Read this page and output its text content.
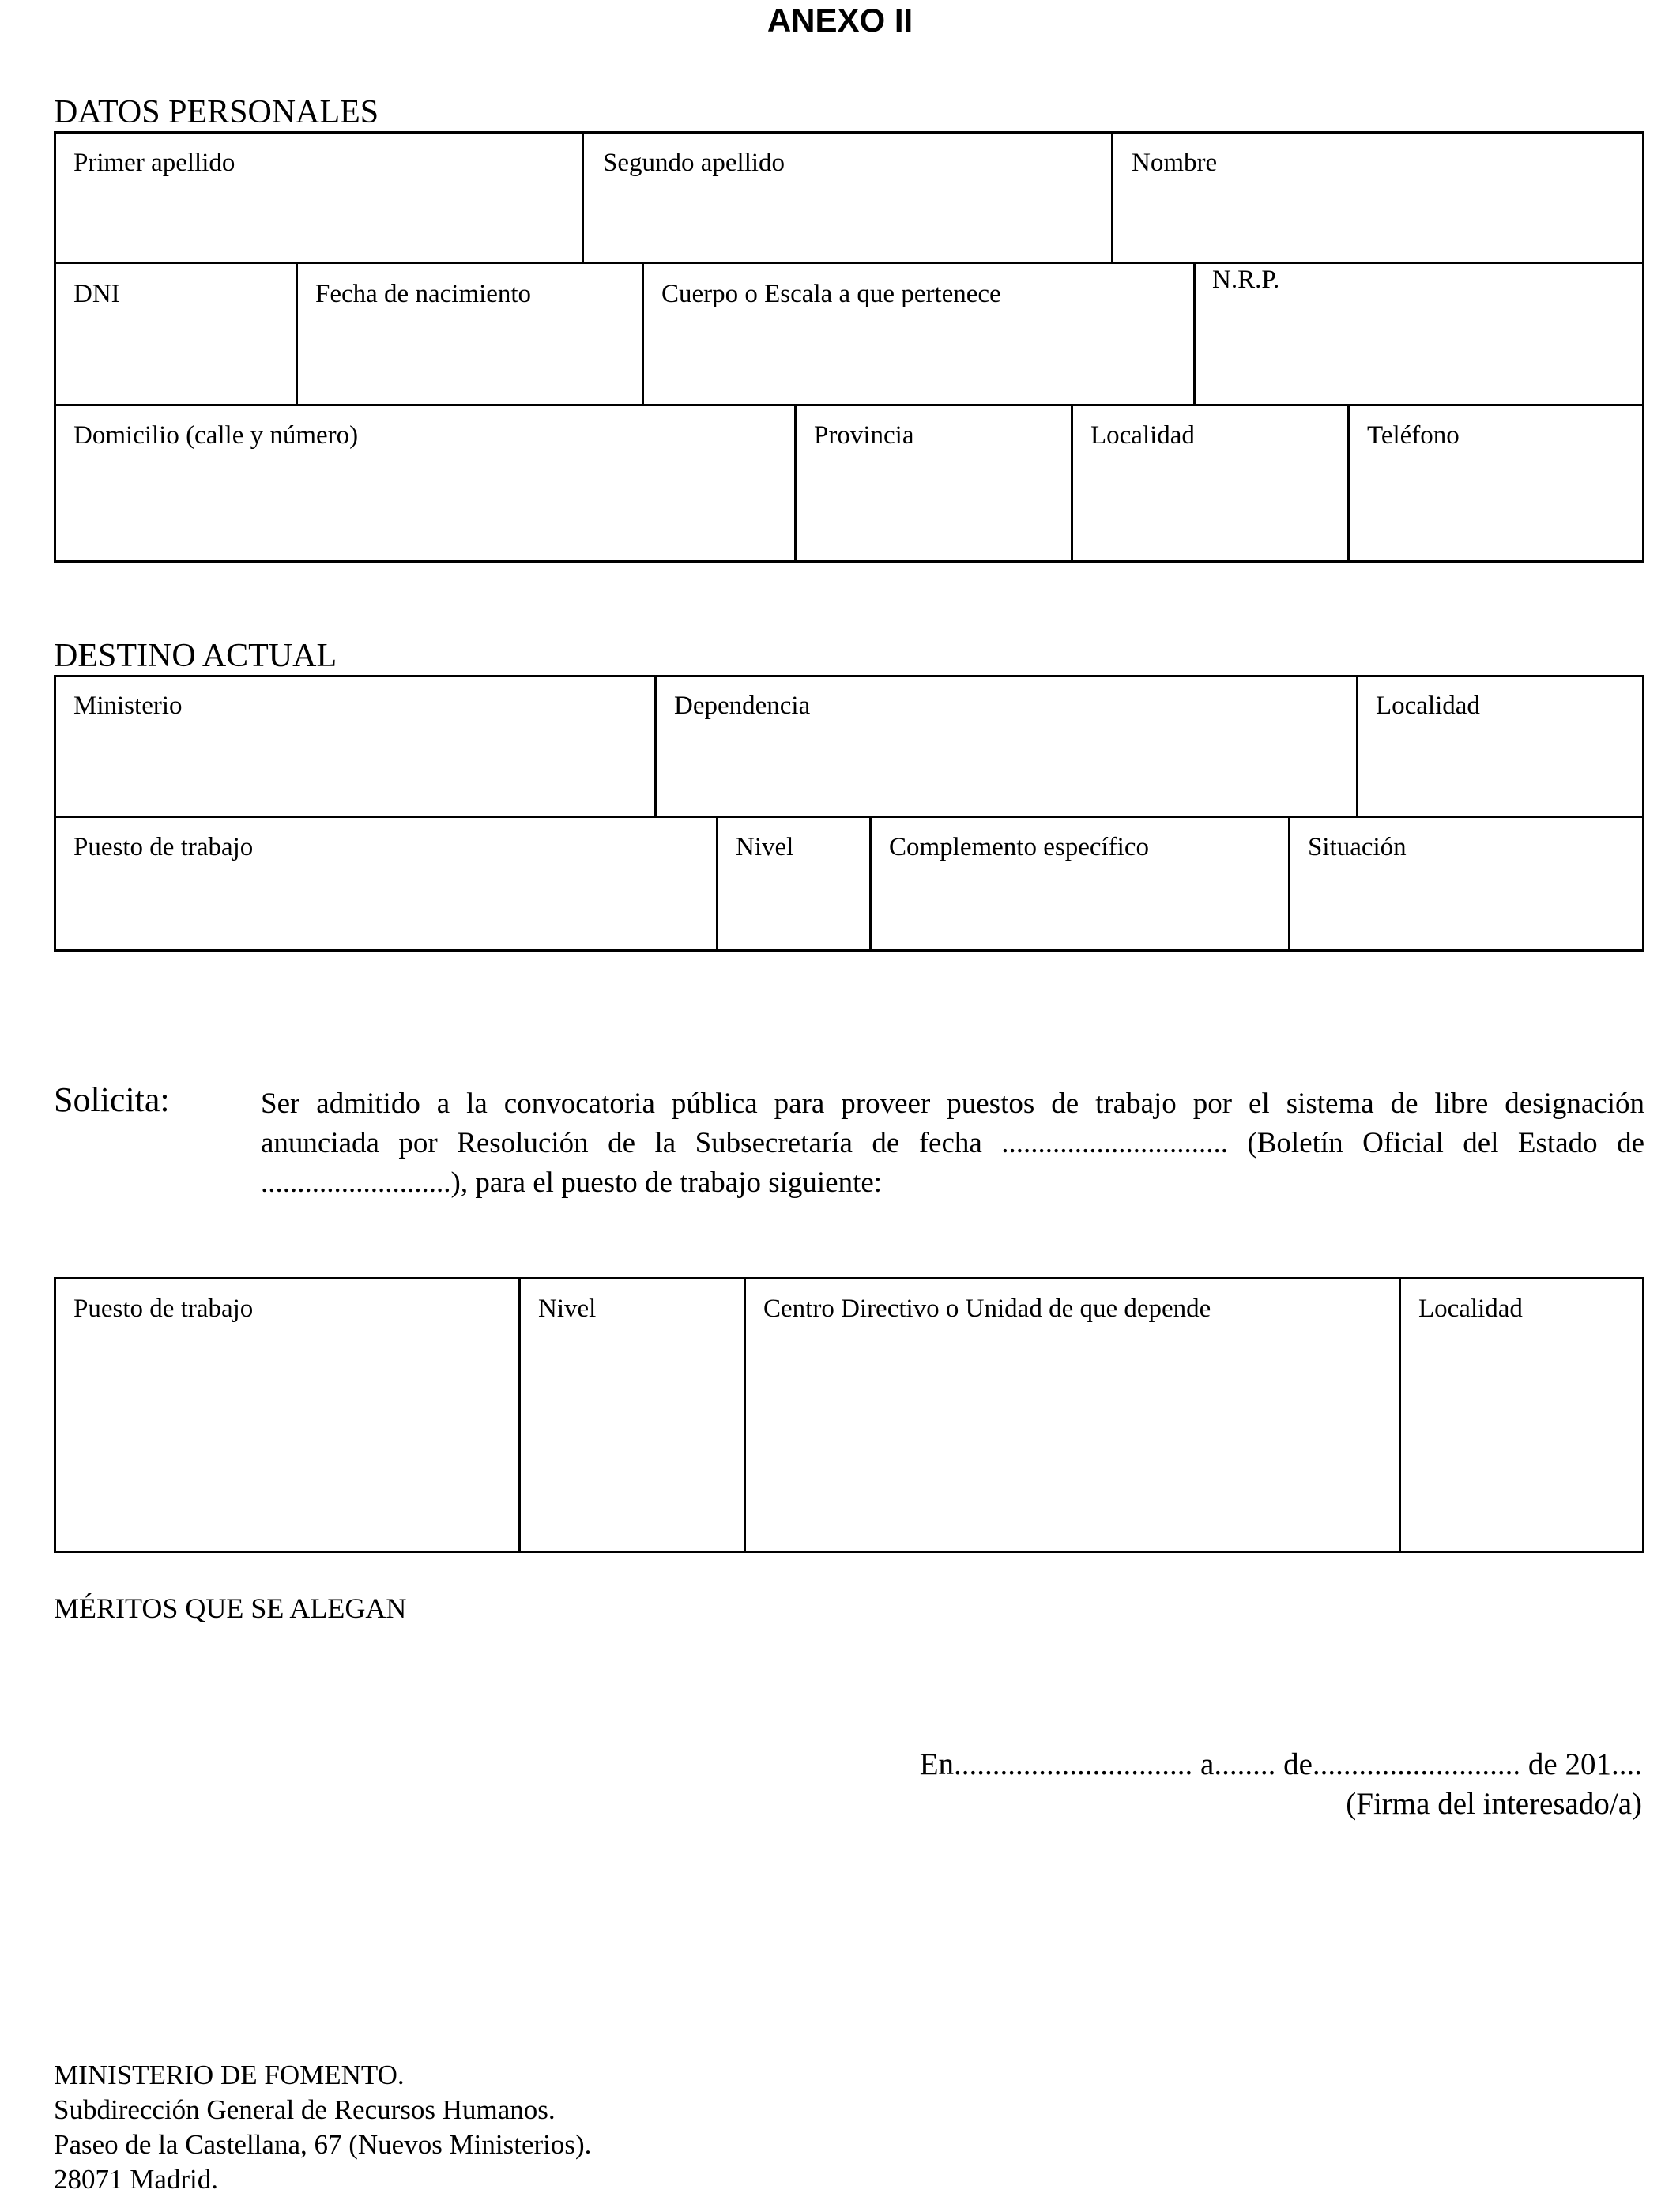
ANEXO II
DATOS PERSONALES
Primer apellido	Segundo apellido	Nombre
DNI	Fecha de nacimiento	Cuerpo o Escala a que pertenece	N.R.P.
Domicilio (calle y número)	Provincia	Localidad	Teléfono
DESTINO ACTUAL
Ministerio	Dependencia	Localidad
Puesto de trabajo	Nivel	Complemento específico	Situación
Solicita:	Ser admitido a la convocatoria pública para proveer puestos de trabajo por el sistema de libre designación
anunciada por Resolución de la Subsecretaría de fecha ............................... (Boletín Oficial del Estado de
..........................), para el puesto de trabajo siguiente:
Puesto de trabajo	Nivel	Centro Directivo o Unidad de que depende	Localidad
MÉRITOS QUE SE ALEGAN
En............................... a........ de........................... de 201....
(Firma del interesado/a)
MINISTERIO DE FOMENTO.
Subdirección General de Recursos Humanos.
Paseo de la Castellana, 67 (Nuevos Ministerios).
28071 Madrid.
